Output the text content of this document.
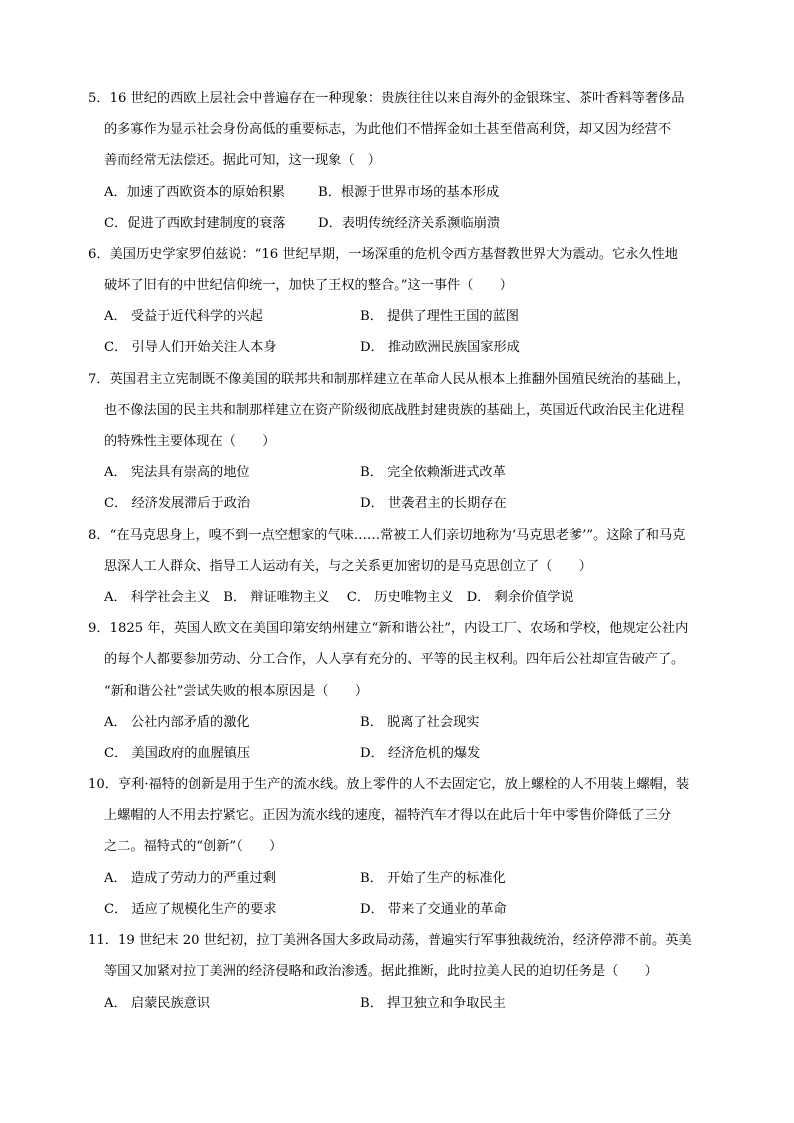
5．16 世纪的西欧上层社会中普遍存在一种现象：贵族往往以来自海外的金银珠宝、茶叶香料等奢侈品
的多寡作为显示社会身份高低的重要标志，为此他们不惜挥金如土甚至借高利贷，却又因为经营不
善而经常无法偿还。据此可知，这一现象（　）
A．加速了西欧资本的原始积累	B．根源于世界市场的基本形成
C．促进了西欧封建制度的衰落 D．表明传统经济关系濒临崩溃
6．美国历史学家罗伯兹说：“16 世纪早期，一场深重的危机令西方基督教世界大为震动。它永久性地
破坏了旧有的中世纪信仰统一，加快了王权的整合。”这一事件（　　）
A． 受益于近代科学的兴起	B． 提供了理性王国的蓝图
C． 引导人们开始关注人本身	D． 推动欧洲民族国家形成
7．英国君主立宪制既不像美国的联邦共和制那样建立在革命人民从根本上推翻外国殖民统治的基础上，
也不像法国的民主共和制那样建立在资产阶级彻底战胜封建贵族的基础上，英国近代政治民主化进程
的特殊性主要体现在（　　）
A． 宪法具有崇高的地位	B． 完全依赖渐进式改革
C． 经济发展滞后于政治	D． 世袭君主的长期存在
8．“在马克思身上，嗅不到一点空想家的气味……常被工人们亲切地称为‘马克思老爹’”。这除了和马克
思深人工人群众、指导工人运动有关，与之关系更加密切的是马克思创立了（　　）
A． 科学社会主义　B． 辩证唯物主义　 C． 历史唯物主义　D． 剩余价值学说
9．1825 年，英国人欧文在美国印第安纳州建立“新和谐公社”，内设工厂、农场和学校，他规定公社内
的每个人都要参加劳动、分工合作，人人享有充分的、平等的民主权利。四年后公社却宣告破产了。
“新和谐公社”尝试失败的根本原因是（　　）
A． 公社内部矛盾的激化	B． 脱离了社会现实
C． 美国政府的血腥镇压	D． 经济危机的爆发
10．亨利·福特的创新是用于生产的流水线。放上零件的人不去固定它，放上螺栓的人不用装上螺帽，装
上螺帽的人不用去拧紧它。正因为流水线的速度，福特汽车才得以在此后十年中零售价降低了三分
之二。福特式的“创新”（　　）
A． 造成了劳动力的严重过剩	B． 开始了生产的标准化
C． 适应了规模化生产的要求	D． 带来了交通业的革命
11．19 世纪末 20 世纪初，拉丁美洲各国大多政局动荡，普遍实行军事独裁统治，经济停滞不前。英美
等国又加紧对拉丁美洲的经济侵略和政治渗透。据此推断，此时拉美人民的迫切任务是（　　）
A． 启蒙民族意识	B． 捍卫独立和争取民主
